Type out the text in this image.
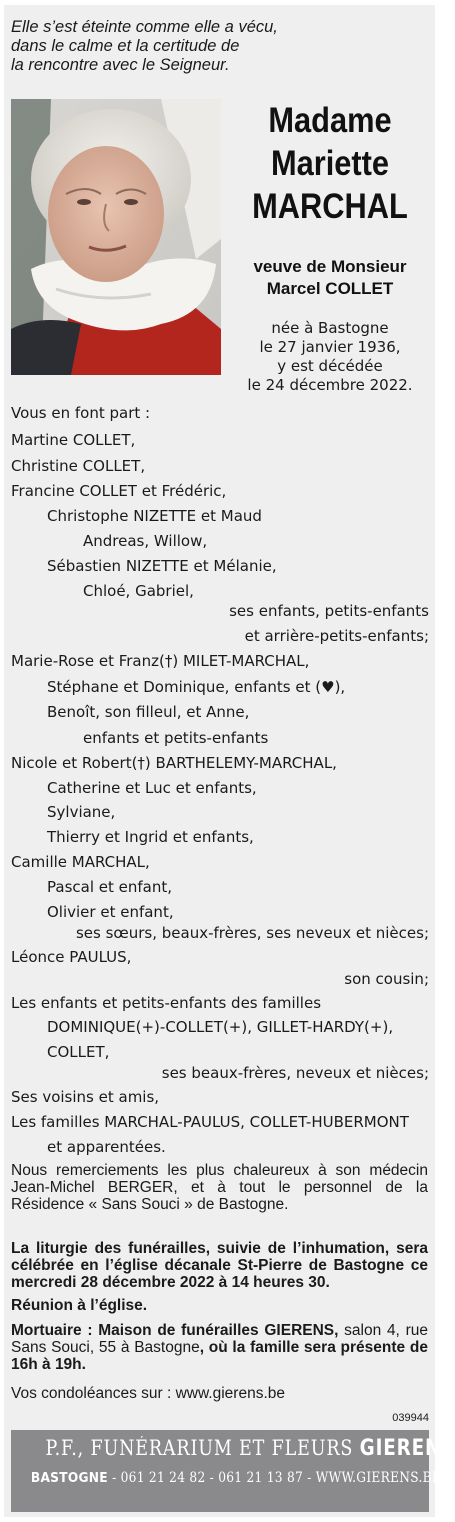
Elle s’est éteinte comme elle a vécu,
dans le calme et la certitude de
la rencontre avec le Seigneur.
Madame
Mariette
MARCHAL
veuve de Monsieur
Marcel COLLET
née à Bastogne
le 27 janvier 1936,
y est décédée
le 24 décembre 2022.
Vous en font part :
Martine COLLET,
Christine COLLET,
Francine COLLET et Frédéric,
Christophe NIZETTE et Maud
Andreas, Willow,
Sébastien NIZETTE et Mélanie,
Chloé, Gabriel,
ses enfants, petits-enfants
et arrière-petits-enfants;
Marie-Rose et Franz(†) MILET-MARCHAL,
Stéphane et Dominique, enfants et (♥),
Benoît, son filleul, et Anne,
enfants et petits-enfants
Nicole et Robert(†) BARTHELEMY-MARCHAL,
Catherine et Luc et enfants,
Sylviane,
Thierry et Ingrid et enfants,
Camille MARCHAL,
Pascal et enfant,
Olivier et enfant,
ses sœurs, beaux-frères, ses neveux et nièces;
Léonce PAULUS,
son cousin;
Les enfants et petits-enfants des familles
DOMINIQUE(+)-COLLET(+), GILLET-HARDY(+),
COLLET,
ses beaux-frères, neveux et nièces;
Ses voisins et amis,
Les familles MARCHAL-PAULUS, COLLET-HUBERMONT
et apparentées.
Nous remerciements les plus chaleureux à son médecin Jean-Michel BERGER, et à tout le personnel de la Résidence « Sans Souci » de Bastogne.
La liturgie des funérailles, suivie de l’inhumation, sera célébrée en l’église décanale St-Pierre de Bastogne ce mercredi 28 décembre 2022 à 14 heures 30.
Réunion à l’église.
Mortuaire : Maison de funérailles GIERENS, salon 4, rue Sans Souci, 55 à Bastogne, où la famille sera présente de 16h à 19h.
Vos condoléances sur : www.gierens.be
039944
P.F., FUNÉRARIUM ET FLEURS GIERENS
BASTOGNE - 061 21 24 82 - 061 21 13 87 - WWW.GIERENS.BE
